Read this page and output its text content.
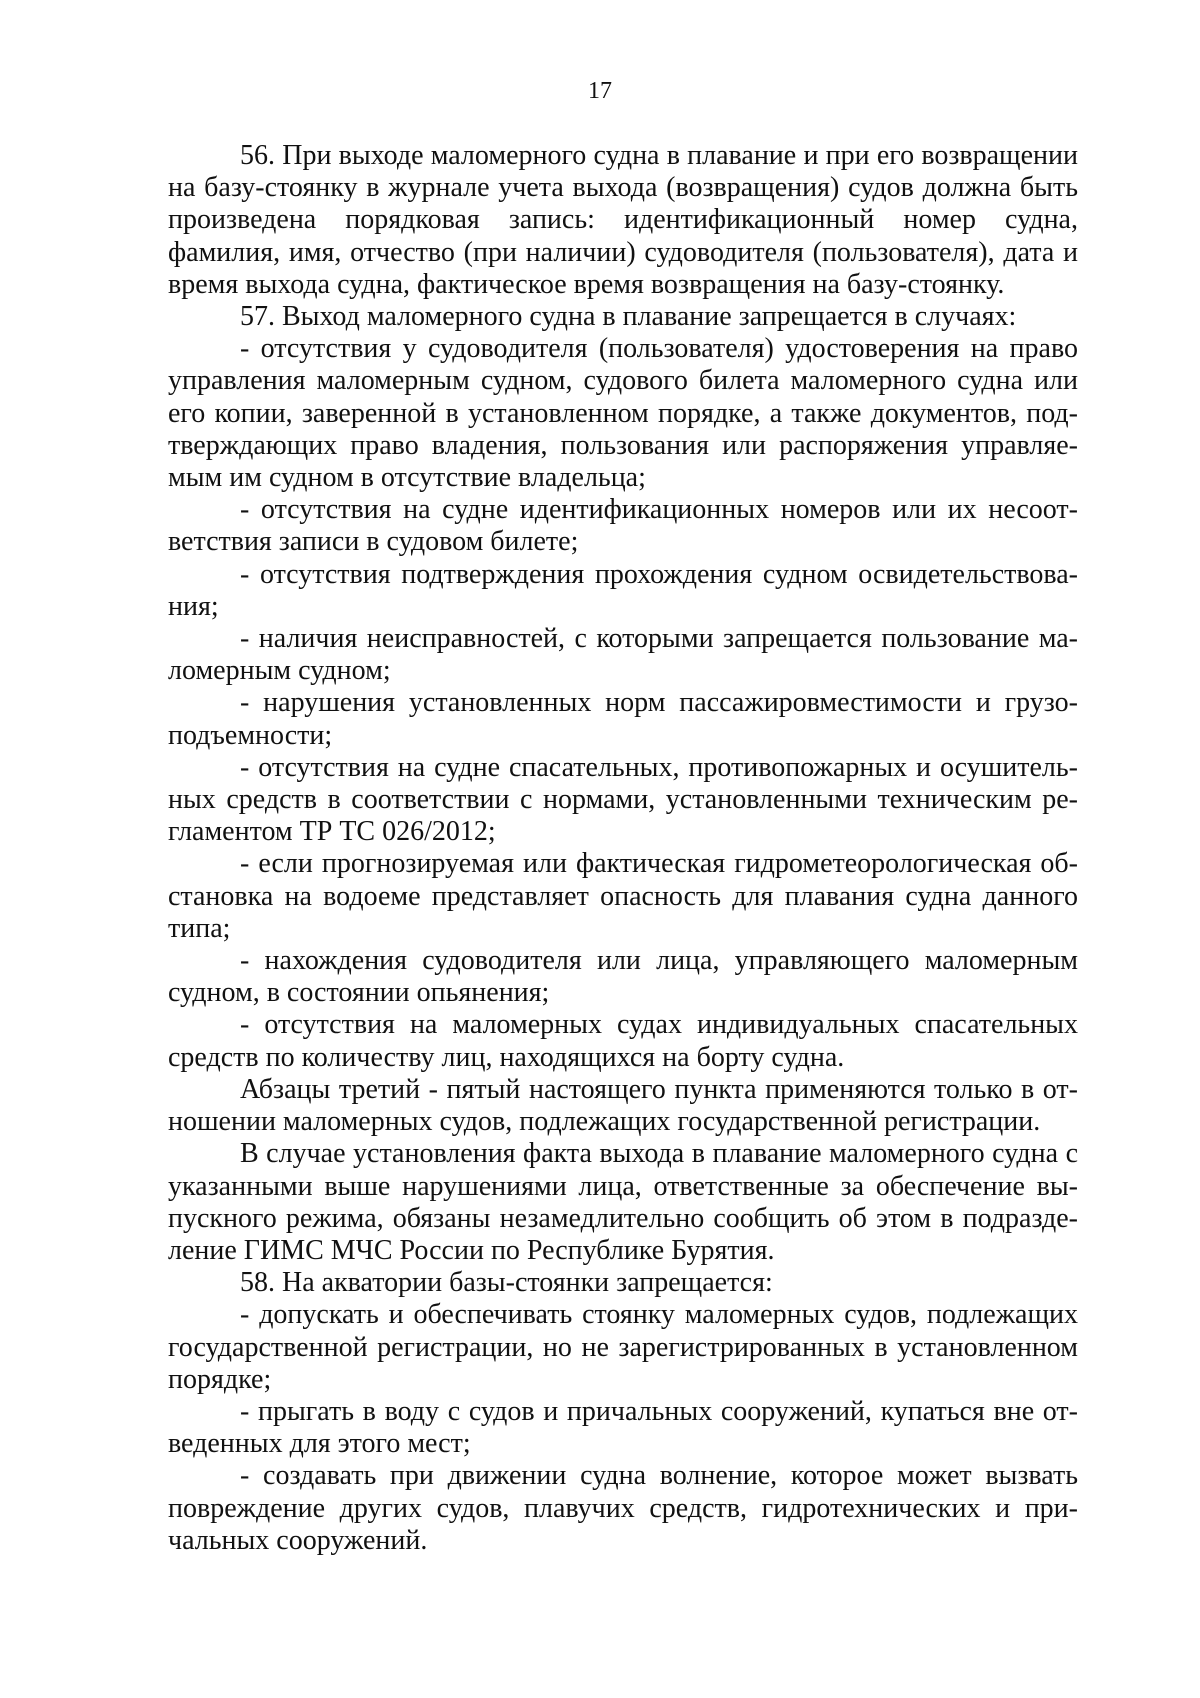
17

56. При выходе маломерного судна в плавание и при его возвращении на базу-стоянку в журнале учета выхода (возвращения) судов должна быть произведена порядковая запись: идентификационный номер судна, фамилия, имя, отчество (при наличии) судоводителя (пользователя), дата и время выхода судна, фактическое время возвращения на базу-стоянку.

57. Выход маломерного судна в плавание запрещается в случаях:

- отсутствия у судоводителя (пользователя) удостоверения на право управления маломерным судном, судового билета маломерного судна или его копии, заверенной в установленном порядке, а также документов, подтверждающих право владения, пользования или распоряжения управляемым им судном в отсутствие владельца;

- отсутствия на судне идентификационных номеров или их несоответствия записи в судовом билете;

- отсутствия подтверждения прохождения судном освидетельствования;

- наличия неисправностей, с которыми запрещается пользование маломерным судном;

- нарушения установленных норм пассажировместимости и грузоподъемности;

- отсутствия на судне спасательных, противопожарных и осушительных средств в соответствии с нормами, установленными техническим регламентом ТР ТС 026/2012;

- если прогнозируемая или фактическая гидрометеорологическая обстановка на водоеме представляет опасность для плавания судна данного типа;

- нахождения судоводителя или лица, управляющего маломерным судном, в состоянии опьянения;

- отсутствия на маломерных судах индивидуальных спасательных средств по количеству лиц, находящихся на борту судна.

Абзацы третий - пятый настоящего пункта применяются только в отношении маломерных судов, подлежащих государственной регистрации.

В случае установления факта выхода в плавание маломерного судна с указанными выше нарушениями лица, ответственные за обеспечение выпускного режима, обязаны незамедлительно сообщить об этом в подразделение ГИМС МЧС России по Республике Бурятия.

58. На акватории базы-стоянки запрещается:

- допускать и обеспечивать стоянку маломерных судов, подлежащих государственной регистрации, но не зарегистрированных в установленном порядке;

- прыгать в воду с судов и причальных сооружений, купаться вне отведенных для этого мест;

- создавать при движении судна волнение, которое может вызвать повреждение других судов, плавучих средств, гидротехнических и причальных сооружений.
